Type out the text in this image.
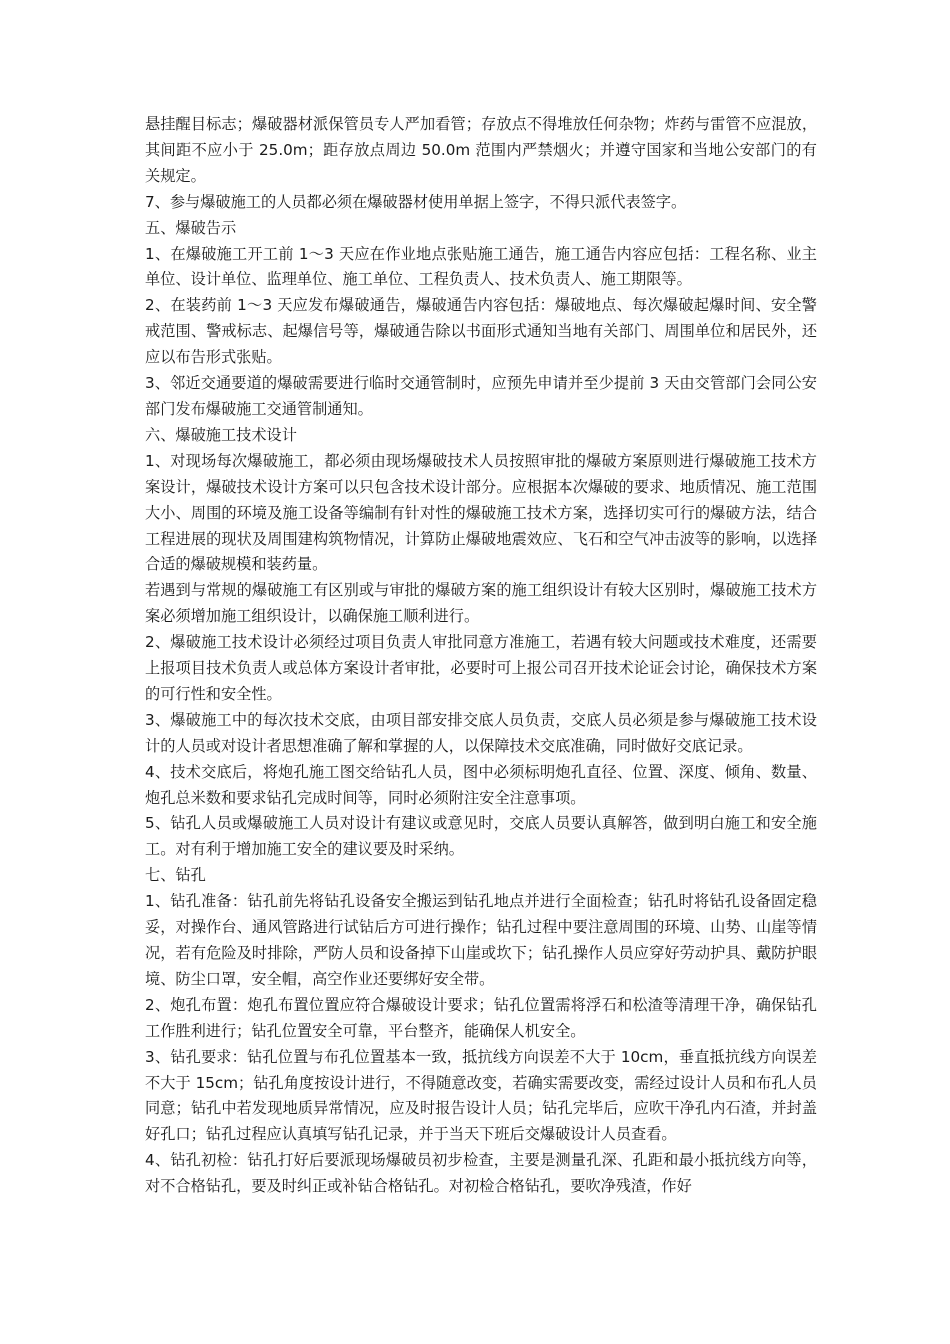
悬挂醒目标志；爆破器材派保管员专人严加看管；存放点不得堆放任何杂物；炸药与雷管不应混放，其间距不应小于 25.0m；距存放点周边 50.0m 范围内严禁烟火；并遵守国家和当地公安部门的有关规定。

7、参与爆破施工的人员都必须在爆破器材使用单据上签字，不得只派代表签字。

五、爆破告示

1、在爆破施工开工前 1～3 天应在作业地点张贴施工通告，施工通告内容应包括：工程名称、业主单位、设计单位、监理单位、施工单位、工程负责人、技术负责人、施工期限等。

2、在装药前 1～3 天应发布爆破通告，爆破通告内容包括：爆破地点、每次爆破起爆时间、安全警戒范围、警戒标志、起爆信号等，爆破通告除以书面形式通知当地有关部门、周围单位和居民外，还应以布告形式张贴。

3、邻近交通要道的爆破需要进行临时交通管制时，应预先申请并至少提前 3 天由交管部门会同公安部门发布爆破施工交通管制通知。

六、爆破施工技术设计

1、对现场每次爆破施工，都必须由现场爆破技术人员按照审批的爆破方案原则进行爆破施工技术方案设计，爆破技术设计方案可以只包含技术设计部分。应根据本次爆破的要求、地质情况、施工范围大小、周围的环境及施工设备等编制有针对性的爆破施工技术方案，选择切实可行的爆破方法，结合工程进展的现状及周围建构筑物情况，计算防止爆破地震效应、飞石和空气冲击波等的影响，以选择合适的爆破规模和装药量。

若遇到与常规的爆破施工有区别或与审批的爆破方案的施工组织设计有较大区别时，爆破施工技术方案必须增加施工组织设计，以确保施工顺利进行。

2、爆破施工技术设计必须经过项目负责人审批同意方准施工，若遇有较大问题或技术难度，还需要上报项目技术负责人或总体方案设计者审批，必要时可上报公司召开技术论证会讨论，确保技术方案的可行性和安全性。

3、爆破施工中的每次技术交底，由项目部安排交底人员负责，交底人员必须是参与爆破施工技术设计的人员或对设计者思想准确了解和掌握的人，以保障技术交底准确，同时做好交底记录。

4、技术交底后，将炮孔施工图交给钻孔人员，图中必须标明炮孔直径、位置、深度、倾角、数量、炮孔总米数和要求钻孔完成时间等，同时必须附注安全注意事项。

5、钻孔人员或爆破施工人员对设计有建议或意见时，交底人员要认真解答，做到明白施工和安全施工。对有利于增加施工安全的建议要及时采纳。

七、钻孔

1、钻孔准备：钻孔前先将钻孔设备安全搬运到钻孔地点并进行全面检查；钻孔时将钻孔设备固定稳妥，对操作台、通风管路进行试钻后方可进行操作；钻孔过程中要注意周围的环境、山势、山崖等情况，若有危险及时排除，严防人员和设备掉下山崖或坎下；钻孔操作人员应穿好劳动护具、戴防护眼境、防尘口罩，安全帽，高空作业还要绑好安全带。

2、炮孔布置：炮孔布置位置应符合爆破设计要求；钻孔位置需将浮石和松渣等清理干净，确保钻孔工作胜利进行；钻孔位置安全可靠，平台整齐，能确保人机安全。

3、钻孔要求：钻孔位置与布孔位置基本一致，抵抗线方向误差不大于 10cm，垂直抵抗线方向误差不大于 15cm；钻孔角度按设计进行，不得随意改变，若确实需要改变，需经过设计人员和布孔人员同意；钻孔中若发现地质异常情况，应及时报告设计人员；钻孔完毕后，应吹干净孔内石渣，并封盖好孔口；钻孔过程应认真填写钻孔记录，并于当天下班后交爆破设计人员查看。

4、钻孔初检：钻孔打好后要派现场爆破员初步检查，主要是测量孔深、孔距和最小抵抗线方向等，对不合格钻孔，要及时纠正或补钻合格钻孔。对初检合格钻孔，要吹净残渣，作好
